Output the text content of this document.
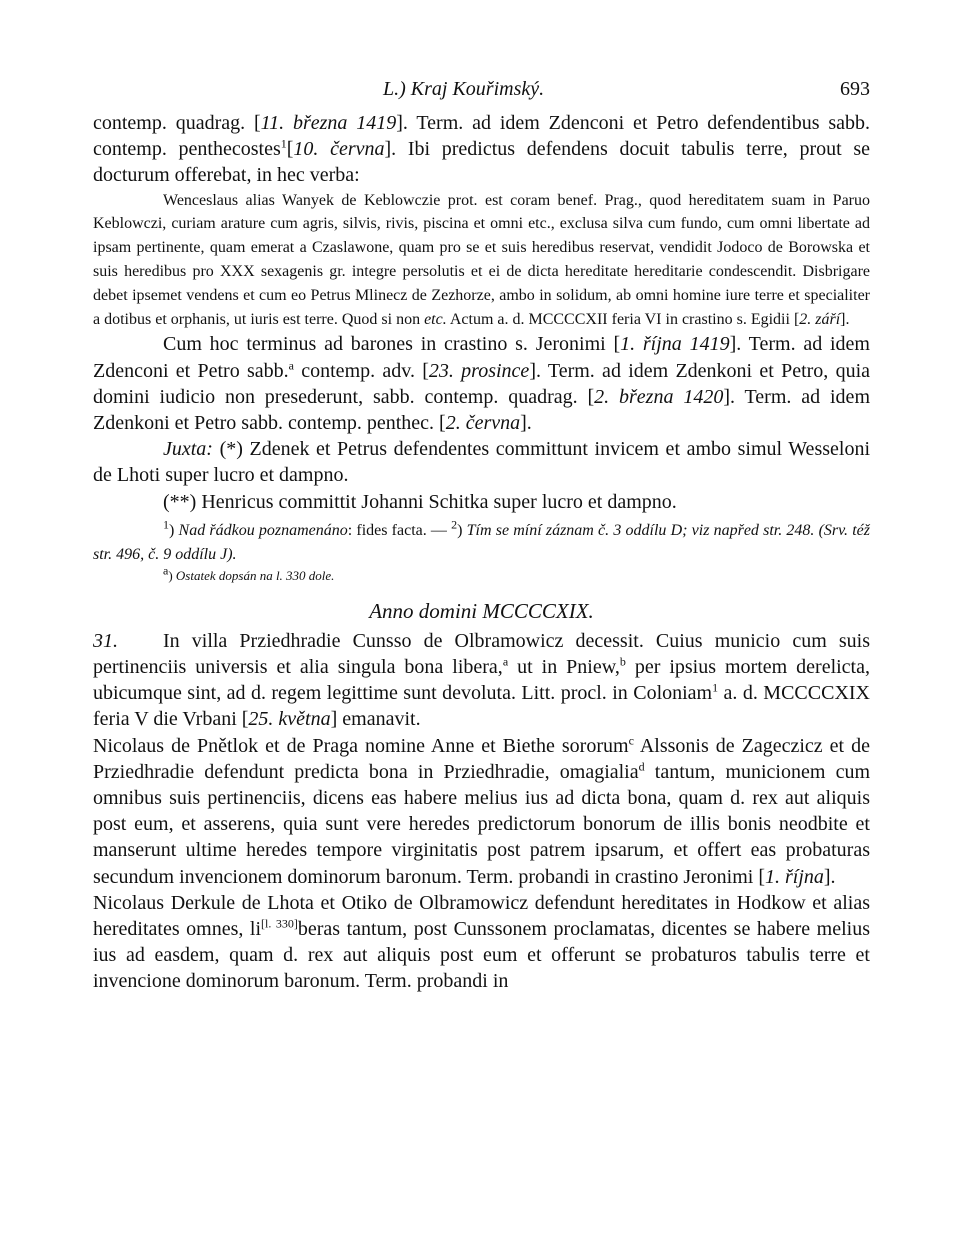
L.) Kraj Kouřimský.	693

contemp. quadrag. [11. března 1419]. Term. ad idem Zdenconi et Petro defendentibus sabb. contemp. penthecostes$^1$[10. června]. Ibi predictus defendens docuit tabulis terre, prout se docturum offerebat, in hec verba:

Wenceslaus alias Wanyek de Keblowczie prot. est coram benef. Prag., quod hereditatem suam in Paruo Keblowczi, curiam arature cum agris, silvis, rivis, piscina et omni etc., exclusa silva cum fundo, cum omni libertate ad ipsam pertinente, quam emerat a Czaslawone, quam pro se et suis heredibus reservat, vendidit Jodoco de Borowska et suis heredibus pro XXX sexagenis gr. integre persolutis et ei de dicta hereditate hereditarie condescendit. Disbrigare debet ipsemet vendens et cum eo Petrus Mlinecz de Zezhorze, ambo in solidum, ab omni homine iure terre et specialiter a dotibus et orphanis, ut iuris est terre. Quod si non etc. Actum a. d. MCCCCXII feria VI in crastino s. Egidii [2. září].

Cum hoc terminus ad barones in crastino s. Jeronimi [1. října 1419]. Term. ad idem Zdenconi et Petro sabb.$^a$ contemp. adv. [23. prosince]. Term. ad idem Zdenkoni et Petro, quia domini iudicio non presederunt, sabb. contemp. quadrag. [2. března 1420]. Term. ad idem Zdenkoni et Petro sabb. contemp. penthec. [2. června].

Juxta: (*) Zdenek et Petrus defendentes committunt invicem et ambo simul Wesseloni de Lhoti super lucro et dampno.

(**) Henricus committit Johanni Schitka super lucro et dampno.

$^1$) Nad řádkou poznamenáno: fides facta. — $^2$) Tím se míní záznam č. 3 oddílu D; viz napřed str. 248. (Srv. též str. 496, č. 9 oddílu J).

a) Ostatek dopsán na l. 330 dole.

Anno domini MCCCCXIX.

31. In villa Prziedhradie Cunsso de Olbramowicz decessit. Cuius municio cum suis pertinenciis universis et alia singula bona libera,$^a$ ut in Pniew,$^b$ per ipsius mortem derelicta, ubicumque sint, ad d. regem legittime sunt devoluta. Litt. procl. in Coloniam$^1$ a. d. MCCCCXIX feria V die Vrbani [25. května] emanavit.

Nicolaus de Pnětlok et de Praga nomine Anne et Biethe sororum$^c$ Alssonis de Zageczicz et de Prziedhradie defendunt predicta bona in Prziedhradie, omagialia$^d$ tantum, municionem cum omnibus suis pertinenciis, dicens eas habere melius ius ad dicta bona, quam d. rex aut aliquis post eum, et asserens, quia sunt vere heredes predictorum bonorum de illis bonis neodbite et manserunt ultime heredes tempore virginitatis post patrem ipsarum, et offert eas probaturas secundum invencionem dominorum baronum. Term. probandi in crastino Jeronimi [1. října].

Nicolaus Derkule de Lhota et Otiko de Olbramowicz defendunt hereditates in Hodkow et alias hereditates omnes, li[l. 330]beras tantum, post Cunssonem proclamatas, dicentes se habere melius ius ad easdem, quam d. rex aut aliquis post eum et offerunt se probaturos tabulis terre et invencione dominorum baronum. Term. probandi in
